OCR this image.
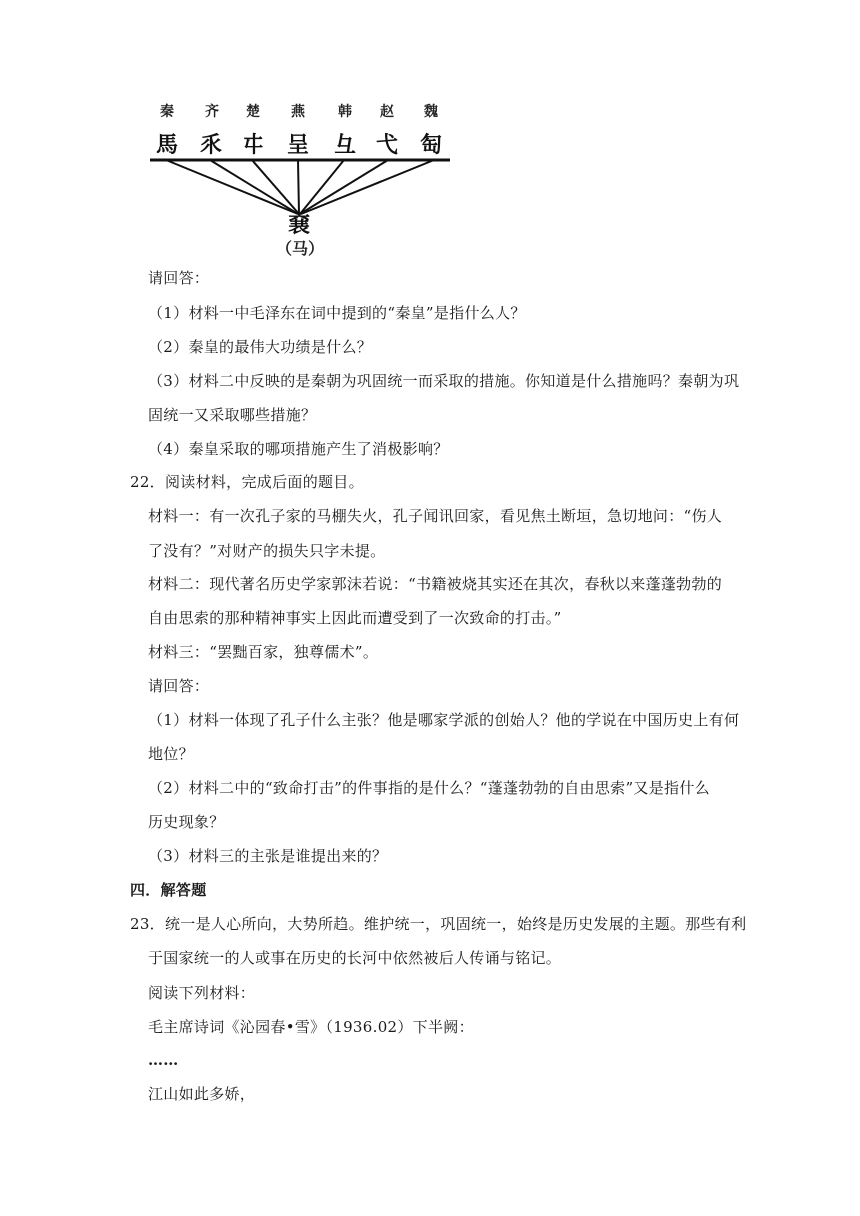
秦 齐 楚 燕 韩 赵 魏
馬 乑 㐄 呈 彑 弋 匋
㐮
（马）
请回答：
（1）材料一中毛泽东在词中提到的“秦皇”是指什么人？
（2）秦皇的最伟大功绩是什么？
（3）材料二中反映的是秦朝为巩固统一而采取的措施。你知道是什么措施吗？秦朝为巩
固统一又采取哪些措施？
（4）秦皇采取的哪项措施产生了消极影响？
22．阅读材料，完成后面的题目。
材料一：有一次孔子家的马棚失火，孔子闻讯回家，看见焦土断垣，急切地问：“伤人
了没有？”对财产的损失只字未提。
材料二：现代著名历史学家郭沫若说：“书籍被烧其实还在其次，春秋以来蓬蓬勃勃的
自由思索的那种精神事实上因此而遭受到了一次致命的打击。”
材料三：“罢黜百家，独尊儒术”。
请回答：
（1）材料一体现了孔子什么主张？他是哪家学派的创始人？他的学说在中国历史上有何
地位？
（2）材料二中的“致命打击”的件事指的是什么？“蓬蓬勃勃的自由思索”又是指什么
历史现象？
（3）材料三的主张是谁提出来的？
四．解答题
23．统一是人心所向，大势所趋。维护统一，巩固统一，始终是历史发展的主题。那些有利
于国家统一的人或事在历史的长河中依然被后人传诵与铭记。
阅读下列材料：
毛主席诗词《沁园春•雪》（1936.02）下半阙：
……
江山如此多娇，
